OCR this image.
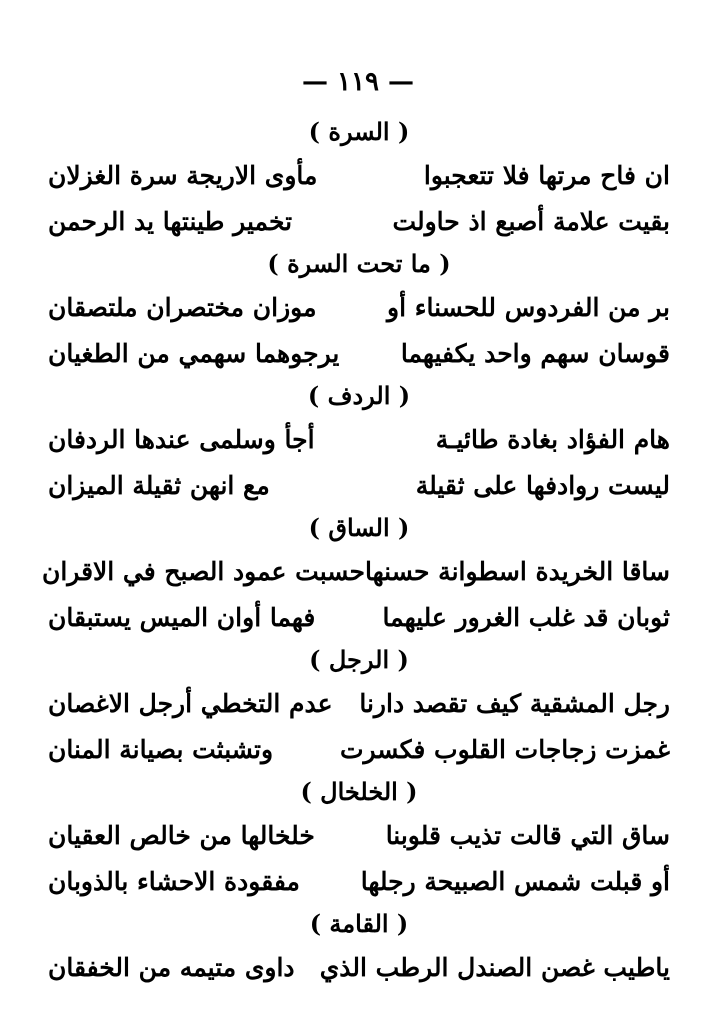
— ١١٩ —
( السرة )
ان فاح مرتها فلا تتعجبوا
مأوى الاريجة سرة الغزلان
بقيت علامة أصبع اذ حاولت
تخمير طينتها يد الرحمن
( ما تحت السرة )
بر من الفردوس للحسناء أو
موزان مختصران ملتصقان
قوسان سهم واحد يكفيهما
يرجوهما سهمي من الطغيان
( الردف )
هام الفؤاد بغادة طائيـة
أجأ وسلمى عندها الردفان
ليست روادفها على ثقيلة
مع انهن ثقيلة الميزان
( الساق )
ساقا الخريدة اسطوانة حسنها
حسبت عمود الصبح في الاقران
ثوبان قد غلب الغرور عليهما
فهما أوان الميس يستبقان
( الرجل )
رجل المشقية كيف تقصد دارنا
عدم التخطي أرجل الاغصان
غمزت زجاجات القلوب فكسرت
وتشبثت بصيانة المنان
( الخلخال )
ساق التي قالت تذيب قلوبنا
خلخالها من خالص العقيان
أو قبلت شمس الصبيحة رجلها
مفقودة الاحشاء بالذوبان
( القامة )
ياطيب غصن الصندل الرطب الذي
داوى متيمه من الخفقان
